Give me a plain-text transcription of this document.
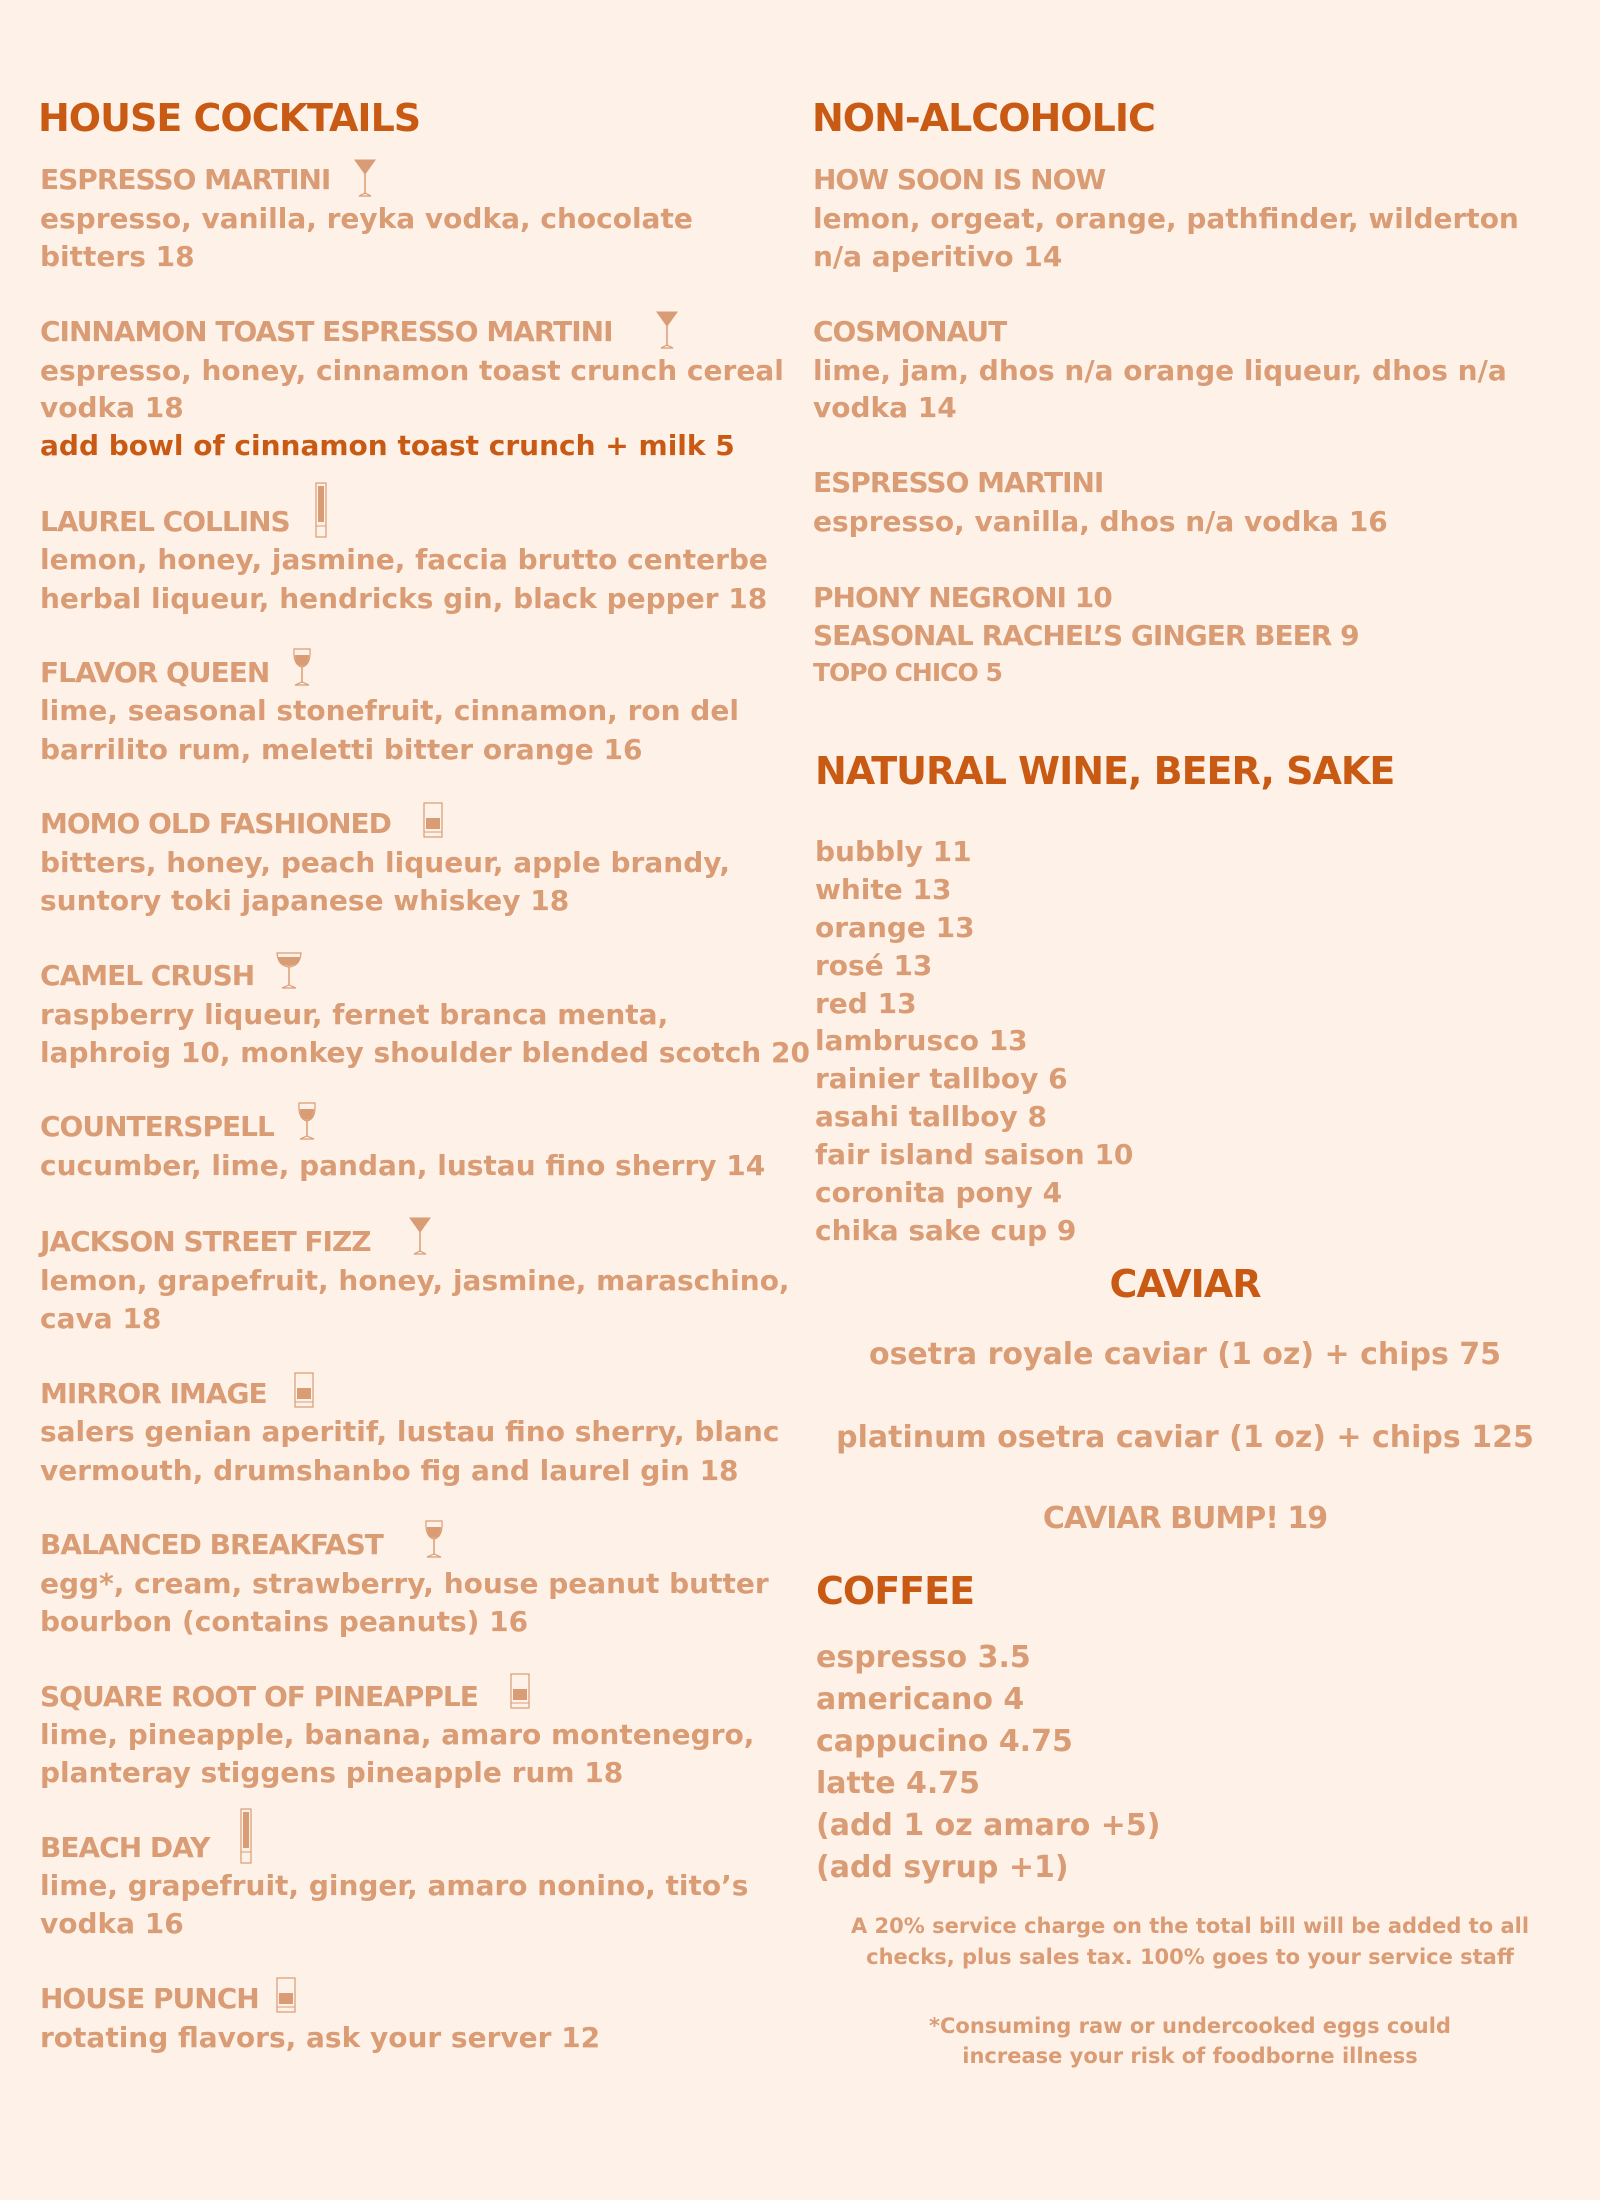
HOUSE COCKTAILS
ESPRESSO MARTINI
espresso, vanilla, reyka vodka, chocolate
bitters 18
CINNAMON TOAST ESPRESSO MARTINI
espresso, honey, cinnamon toast crunch cereal
vodka 18
add bowl of cinnamon toast crunch + milk 5
LAUREL COLLINS
lemon, honey, jasmine, faccia brutto centerbe
herbal liqueur, hendricks gin, black pepper 18
FLAVOR QUEEN
lime, seasonal stonefruit, cinnamon, ron del
barrilito rum, meletti bitter orange 16
MOMO OLD FASHIONED
bitters, honey, peach liqueur, apple brandy,
suntory toki japanese whiskey 18
CAMEL CRUSH
raspberry liqueur, fernet branca menta,
laphroig 10, monkey shoulder blended scotch 20
COUNTERSPELL
cucumber, lime, pandan, lustau fino sherry 14
JACKSON STREET FIZZ
lemon, grapefruit, honey, jasmine, maraschino,
cava 18
MIRROR IMAGE
salers genian aperitif, lustau fino sherry, blanc
vermouth, drumshanbo fig and laurel gin 18
BALANCED BREAKFAST
egg*, cream, strawberry, house peanut butter
bourbon (contains peanuts) 16
SQUARE ROOT OF PINEAPPLE
lime, pineapple, banana, amaro montenegro,
planteray stiggens pineapple rum 18
BEACH DAY
lime, grapefruit, ginger, amaro nonino, tito’s
vodka 16
HOUSE PUNCH
rotating flavors, ask your server 12
NON-ALCOHOLIC
HOW SOON IS NOW
lemon, orgeat, orange, pathfinder, wilderton
n/a aperitivo 14
COSMONAUT
lime, jam, dhos n/a orange liqueur, dhos n/a
vodka 14
ESPRESSO MARTINI
espresso, vanilla, dhos n/a vodka 16
PHONY NEGRONI 10
SEASONAL RACHEL’S GINGER BEER 9
TOPO CHICO 5
NATURAL WINE, BEER, SAKE
bubbly 11
white 13
orange 13
rosé 13
red 13
lambrusco 13
rainier tallboy 6
asahi tallboy 8
fair island saison 10
coronita pony 4
chika sake cup 9
CAVIAR
osetra royale caviar (1 oz) + chips 75
platinum osetra caviar (1 oz) + chips 125
CAVIAR BUMP! 19
COFFEE
espresso 3.5
americano 4
cappucino 4.75
latte 4.75
(add 1 oz amaro +5)
(add syrup +1)
A 20% service charge on the total bill will be added to all
checks, plus sales tax. 100% goes to your service staff
*Consuming raw or undercooked eggs could
increase your risk of foodborne illness
